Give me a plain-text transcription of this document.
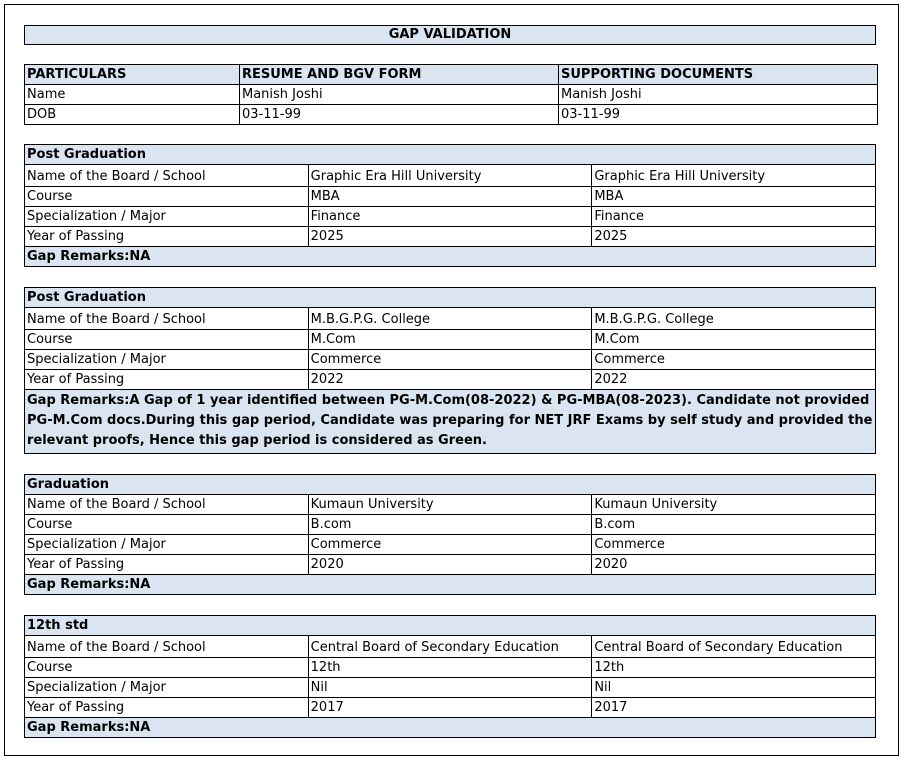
GAP VALIDATION
PARTICULARS	RESUME AND BGV FORM	SUPPORTING DOCUMENTS
Name	Manish Joshi	Manish Joshi
DOB	03-11-99	03-11-99
Post Graduation		
Name of the Board / School	Graphic Era Hill University	Graphic Era Hill University
Course	MBA	MBA
Specialization / Major	Finance	Finance
Year of Passing	2025	2025
Gap Remarks:NA		
Post Graduation		
Name of the Board / School	M.B.G.P.G. College	M.B.G.P.G. College
Course	M.Com	M.Com
Specialization / Major	Commerce	Commerce
Year of Passing	2022	2022
Gap Remarks:A Gap of 1 year identified between PG-M.Com(08-2022) & PG-MBA(08-2023). Candidate not provided PG-M.Com docs.During this gap period, Candidate was preparing for NET JRF Exams by self study and provided the relevant proofs, Hence this gap period is considered as Green.		
Graduation		
Name of the Board / School	Kumaun University	Kumaun University
Course	B.com	B.com
Specialization / Major	Commerce	Commerce
Year of Passing	2020	2020
Gap Remarks:NA		
12th std		
Name of the Board / School	Central Board of Secondary Education	Central Board of Secondary Education
Course	12th	12th
Specialization / Major	Nil	Nil
Year of Passing	2017	2017
Gap Remarks:NA		
